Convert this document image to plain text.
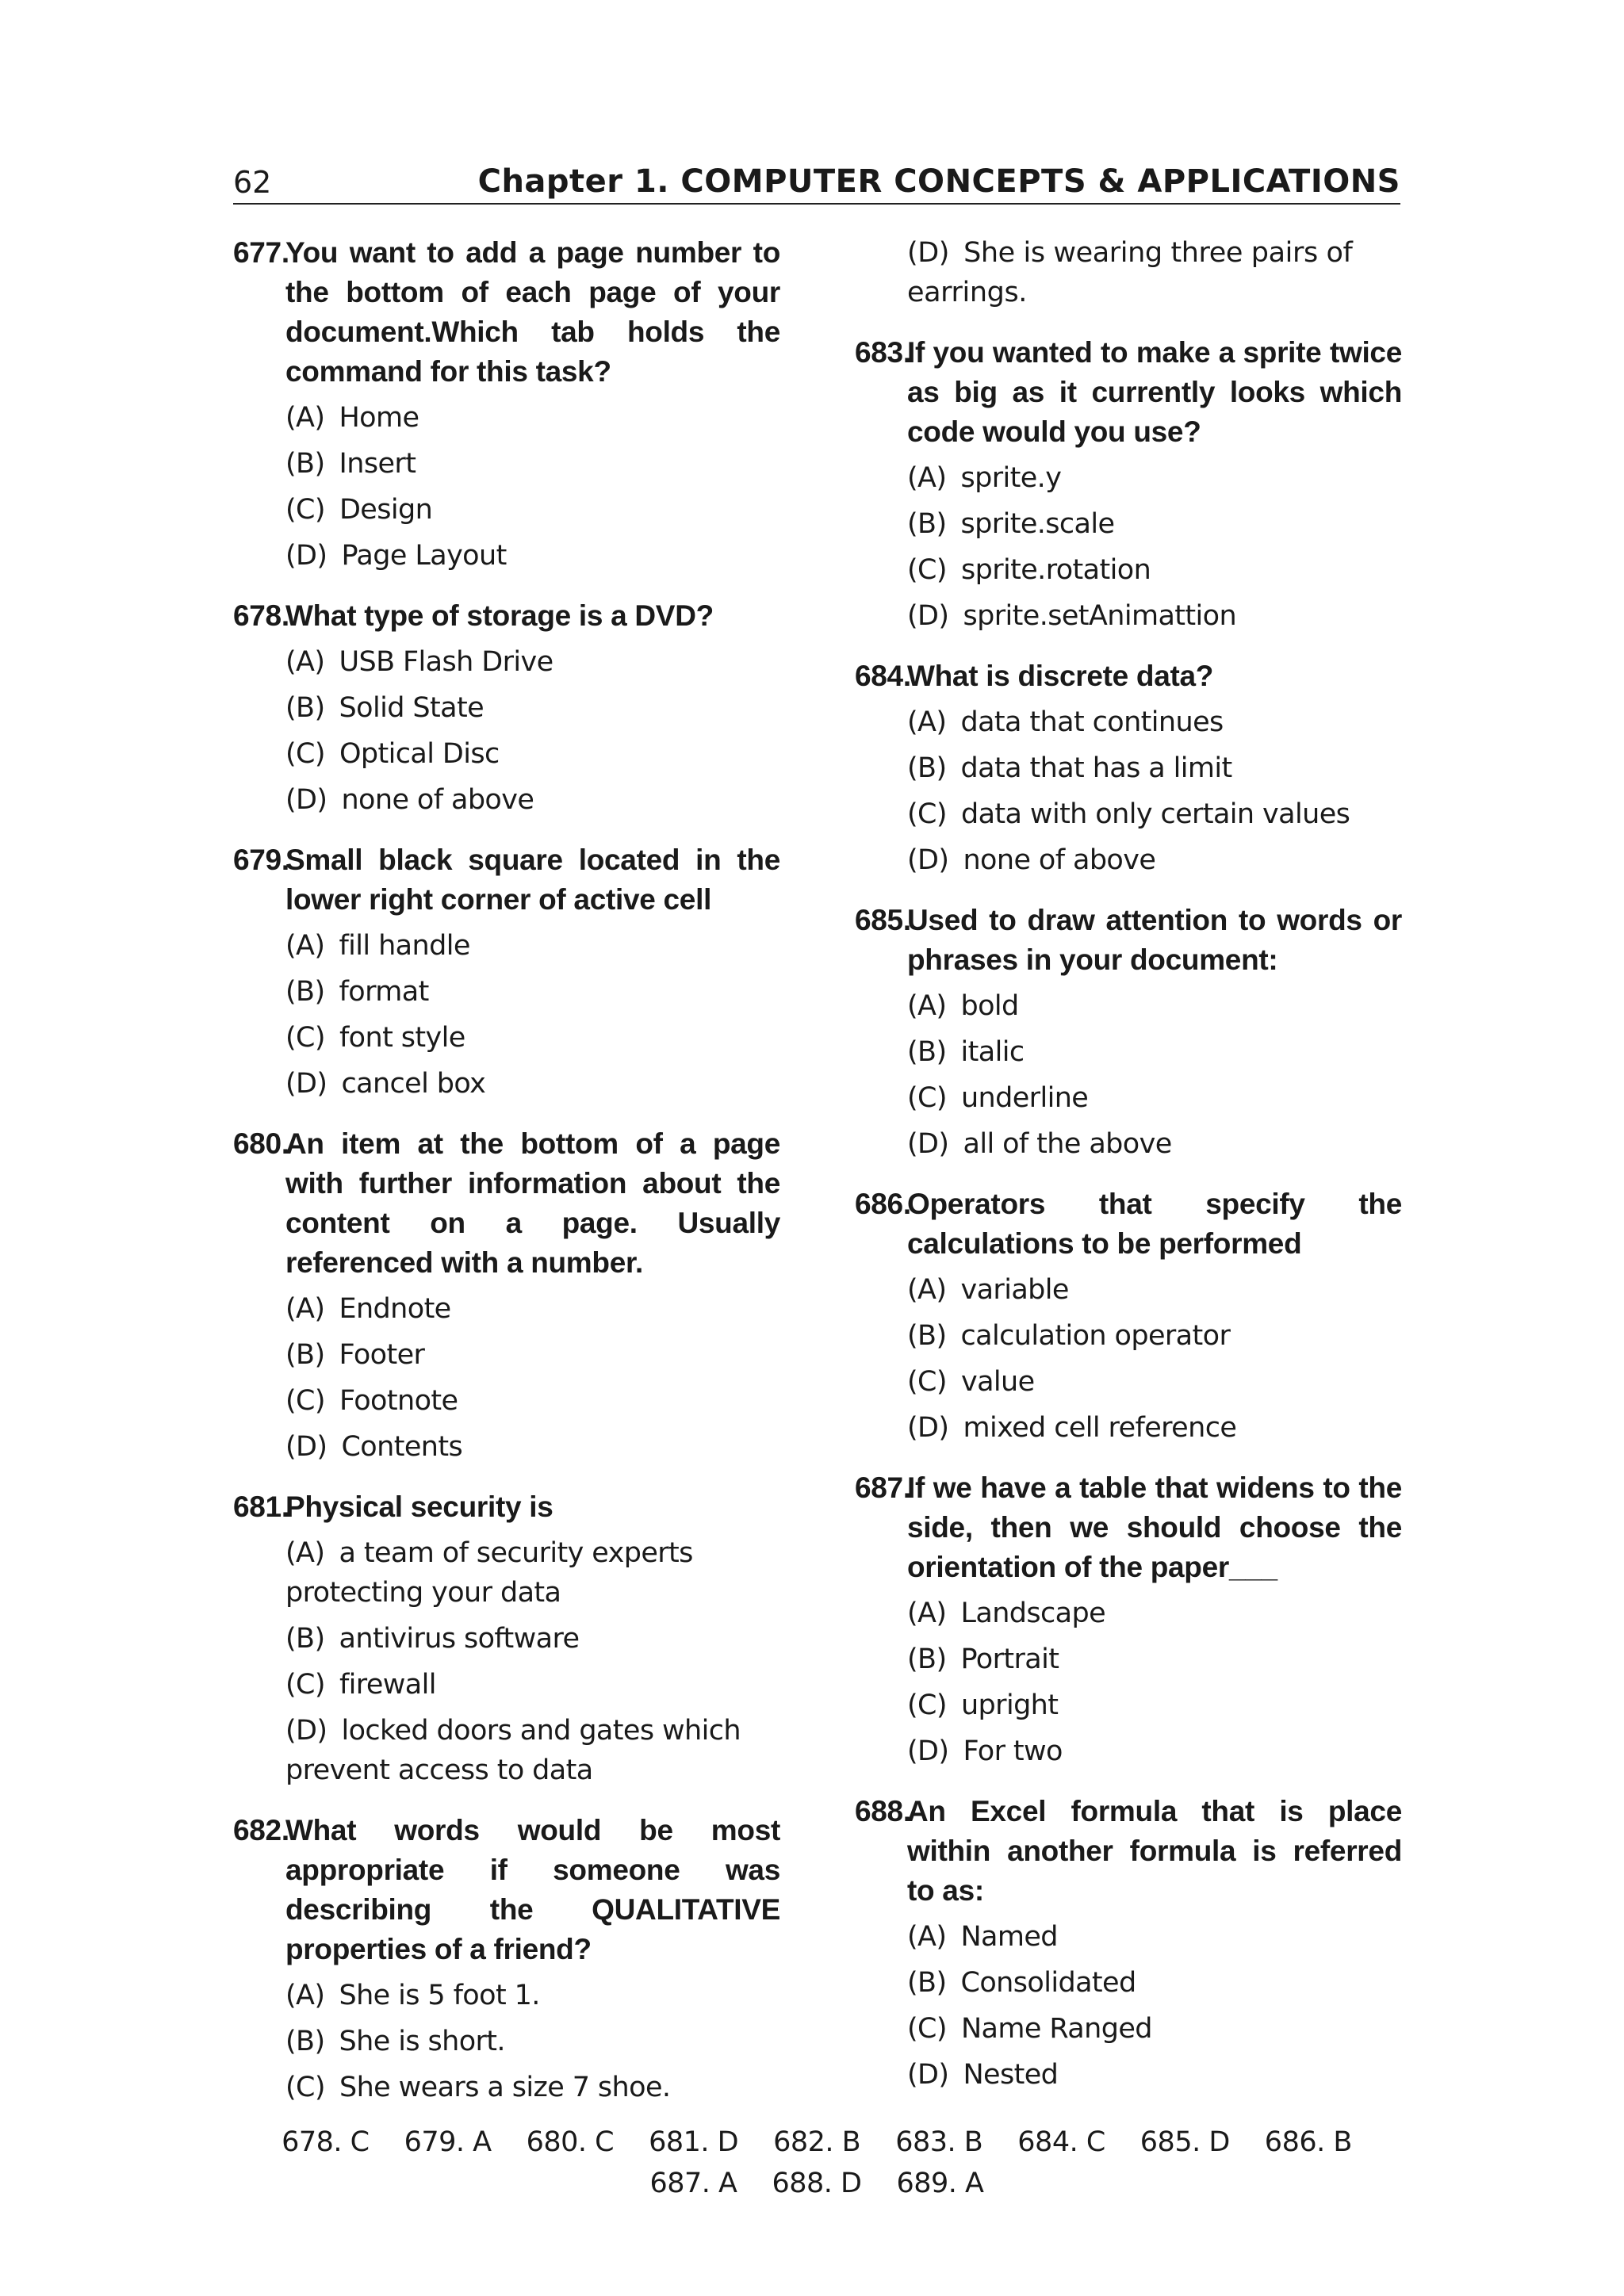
62	Chapter 1. COMPUTER CONCEPTS & APPLICATIONS
677.You want to add a page number to the bottom of each page of your document.Which tab holds the command for this task?
(A) Home
(B) Insert
(C) Design
(D) Page Layout
678.What type of storage is a DVD?
(A) USB Flash Drive
(B) Solid State
(C) Optical Disc
(D) none of above
679.Small black square located in the lower right corner of active cell
(A) fill handle
(B) format
(C) font style
(D) cancel box
680.An item at the bottom of a page with further information about the content on a page. Usually referenced with a number.
(A) Endnote
(B) Footer
(C) Footnote
(D) Contents
681.Physical security is
(A) a team of security experts protecting your data
(B) antivirus software
(C) firewall
(D) locked doors and gates which prevent access to data
682.What words would be most appropriate if someone was describing the QUALITATIVE properties of a friend?
(A) She is 5 foot 1.
(B) She is short.
(C) She wears a size 7 shoe.
(D) She is wearing three pairs of earrings.
683.If you wanted to make a sprite twice as big as it currently looks which code would you use?
(A) sprite.y
(B) sprite.scale
(C) sprite.rotation
(D) sprite.setAnimattion
684.What is discrete data?
(A) data that continues
(B) data that has a limit
(C) data with only certain values
(D) none of above
685.Used to draw attention to words or phrases in your document:
(A) bold
(B) italic
(C) underline
(D) all of the above
686.Operators that specify the calculations to be performed
(A) variable
(B) calculation operator
(C) value
(D) mixed cell reference
687.If we have a table that widens to the side, then we should choose the orientation of the paper___
(A) Landscape
(B) Portrait
(C) upright
(D) For two
688.An Excel formula that is place within another formula is referred to as:
(A) Named
(B) Consolidated
(C) Name Ranged
(D) Nested
678. C 679. A 680. C 681. D 682. B 683. B 684. C 685. D 686. B687. A 688. D 689. A
